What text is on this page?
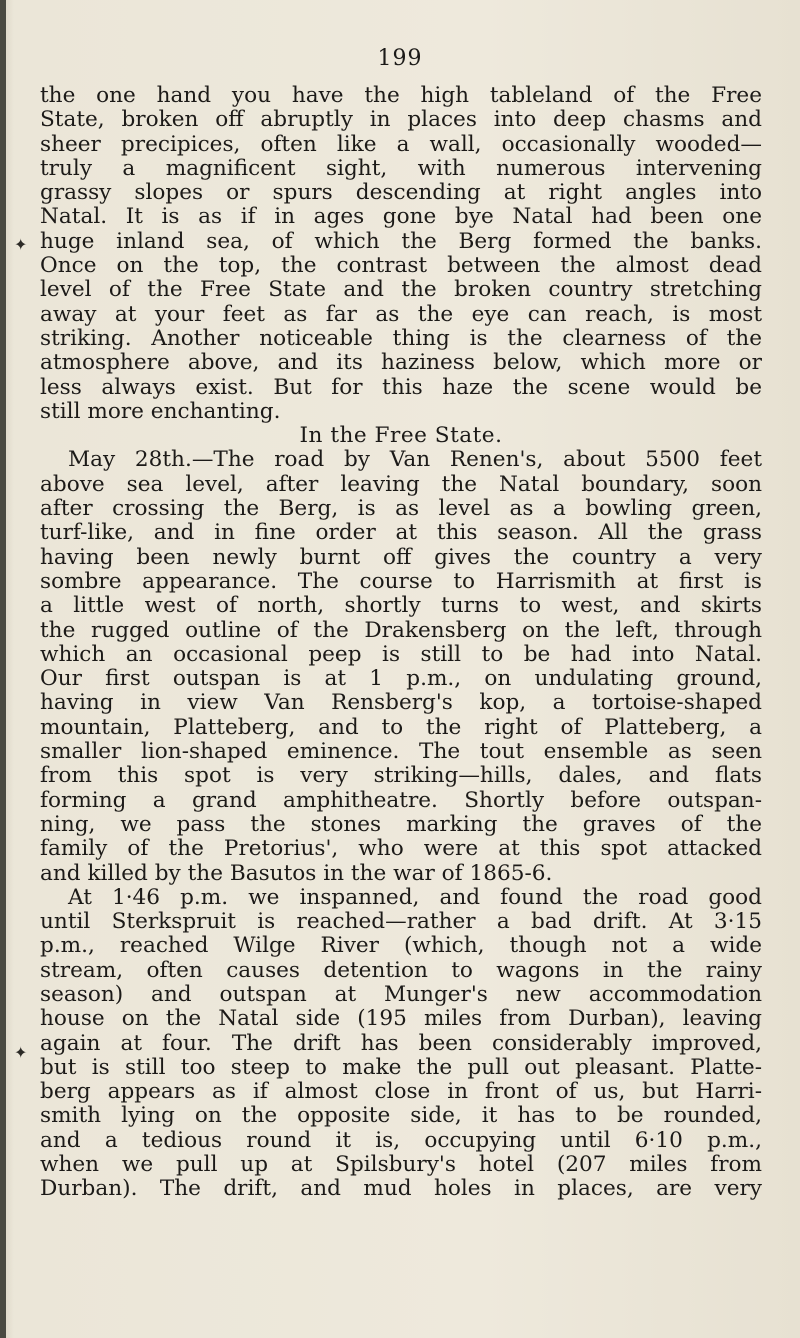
199
✦
✦
the one hand you have the high tableland of the Free
State, broken off abruptly in places into deep chasms and
sheer precipices, often like a wall, occasionally wooded—
truly a magnificent sight, with numerous intervening
grassy slopes or spurs descending at right angles into
Natal. It is as if in ages gone bye Natal had been one
huge inland sea, of which the Berg formed the banks.
Once on the top, the contrast between the almost dead
level of the Free State and the broken country stretching
away at your feet as far as the eye can reach, is most
striking. Another noticeable thing is the clearness of the
atmosphere above, and its haziness below, which more or
less always exist. But for this haze the scene would be
still more enchanting.
In the Free State.
May 28th.—The road by Van Renen's, about 5500 feet
above sea level, after leaving the Natal boundary, soon
after crossing the Berg, is as level as a bowling green,
turf-like, and in fine order at this season. All the grass
having been newly burnt off gives the country a very
sombre appearance. The course to Harrismith at first is
a little west of north, shortly turns to west, and skirts
the rugged outline of the Drakensberg on the left, through
which an occasional peep is still to be had into Natal.
Our first outspan is at 1 p.m., on undulating ground,
having in view Van Rensberg's kop, a tortoise-shaped
mountain, Platteberg, and to the right of Platteberg, a
smaller lion-shaped eminence. The tout ensemble as seen
from this spot is very striking—hills, dales, and flats
forming a grand amphitheatre. Shortly before outspan-
ning, we pass the stones marking the graves of the
family of the Pretorius', who were at this spot attacked
and killed by the Basutos in the war of 1865-6.
At 1·46 p.m. we inspanned, and found the road good
until Sterkspruit is reached—rather a bad drift. At 3·15
p.m., reached Wilge River (which, though not a wide
stream, often causes detention to wagons in the rainy
season) and outspan at Munger's new accommodation
house on the Natal side (195 miles from Durban), leaving
again at four. The drift has been considerably improved,
but is still too steep to make the pull out pleasant. Platte-
berg appears as if almost close in front of us, but Harri-
smith lying on the opposite side, it has to be rounded,
and a tedious round it is, occupying until 6·10 p.m.,
when we pull up at Spilsbury's hotel (207 miles from
Durban). The drift, and mud holes in places, are very
